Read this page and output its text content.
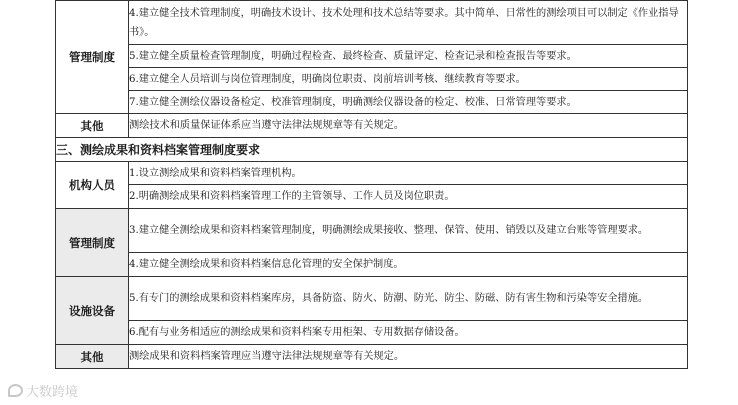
管理制度	4.建立健全技术管理制度，明确技术设计、技术处理和技术总结等要求。其中简单、日常性的测绘项目可以制定《作业指导书》。
	5.建立健全质量检查管理制度，明确过程检查、最终检查、质量评定、检查记录和检查报告等要求。
	6.建立健全人员培训与岗位管理制度，明确岗位职责、岗前培训考核、继续教育等要求。
	7.建立健全测绘仪器设备检定、校准管理制度，明确测绘仪器设备的检定、校准、日常管理等要求。
其他	测绘技术和质量保证体系应当遵守法律法规规章等有关规定。
三、测绘成果和资料档案管理制度要求	
机构人员	1.设立测绘成果和资料档案管理机构。
	2.明确测绘成果和资料档案管理工作的主管领导、工作人员及岗位职责。
管理制度	3.建立健全测绘成果和资料档案管理制度，明确测绘成果接收、整理、保管、使用、销毁以及建立台账等管理要求。
	4.建立健全测绘成果和资料档案信息化管理的安全保护制度。
设施设备	5.有专门的测绘成果和资料档案库房，具备防盗、防火、防潮、防光、防尘、防磁、防有害生物和污染等安全措施。
	6.配有与业务相适应的测绘成果和资料档案专用柜架、专用数据存储设备。
其他	测绘成果和资料档案管理应当遵守法律法规规章等有关规定。
大数跨境
